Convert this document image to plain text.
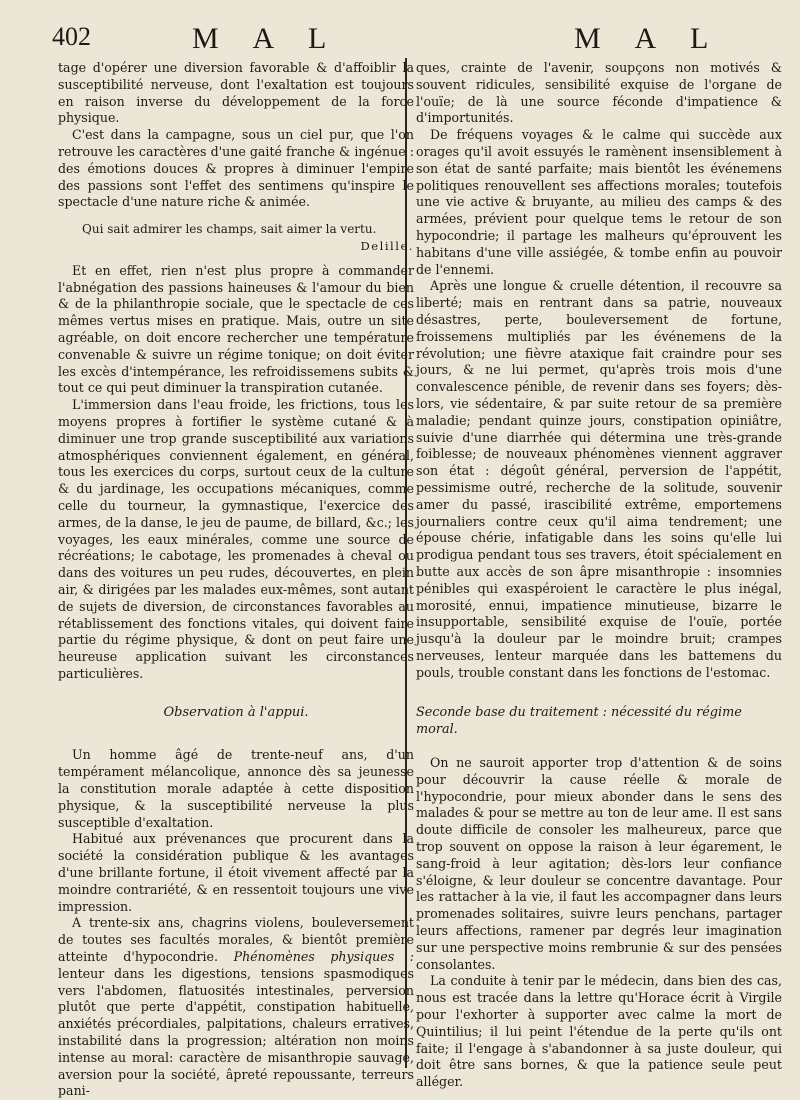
402	M A L	M A L

tage d'opérer une diversion favorable & d'affoiblir la susceptibilité nerveuse, dont l'exaltation est toujours en raison inverse du développement de la force physique.

C'est dans la campagne, sous un ciel pur, que l'on retrouve les caractères d'une gaité franche & ingénue : des émotions douces & propres à diminuer l'empire des passions sont l'effet des sentimens qu'inspire le spectacle d'une nature riche & animée.

Qui sait admirer les champs, sait aimer la vertu.

Delille.

Et en effet, rien n'est plus propre à commander l'abnégation des passions haineuses & l'amour du bien & de la philanthropie sociale, que le spectacle de ces mêmes vertus mises en pratique. Mais, outre un site agréable, on doit encore rechercher une température convenable & suivre un régime tonique; on doit éviter les excès d'intempérance, les refroidissemens subits & tout ce qui peut diminuer la transpiration cutanée.

L'immersion dans l'eau froide, les frictions, tous les moyens propres à fortifier le système cutané & à diminuer une trop grande susceptibilité aux variations atmosphériques conviennent également, en général, tous les exercices du corps, surtout ceux de la culture & du jardinage, les occupations mécaniques, comme celle du tourneur, la gymnastique, l'exercice des armes, de la danse, le jeu de paume, de billard, &c.; les voyages, les eaux minérales, comme une source de récréations; le cabotage, les promenades à cheval ou dans des voitures un peu rudes, découvertes, en plein air, & dirigées par les malades eux-mêmes, sont autant de sujets de diversion, de circonstances favorables au rétablissement des fonctions vitales, qui doivent faire partie du régime physique, & dont on peut faire une heureuse application suivant les circonstances particulières.

Observation à l'appui.

Un homme âgé de trente-neuf ans, d'un tempérament mélancolique, annonce dès sa jeunesse la constitution morale adaptée à cette disposition physique, & la susceptibilité nerveuse la plus susceptible d'exaltation.

Habitué aux prévenances que procurent dans la société la considération publique & les avantages d'une brillante fortune, il étoit vivement affecté par la moindre contrariété, & en ressentoit toujours une vive impression.

A trente-six ans, chagrins violens, bouleversement de toutes ses facultés morales, & bientôt première atteinte d'hypocondrie. Phénomènes physiques : lenteur dans les digestions, tensions spasmodiques vers l'abdomen, flatuosités intestinales, perversion plutôt que perte d'appétit, constipation habituelle, anxiétés précordiales, palpitations, chaleurs erratives, instabilité dans la progression; altération non moins intense au moral: caractère de misanthropie sauvage, aversion pour la société, âpreté repoussante, terreurs pani-

ques, crainte de l'avenir, soupçons non motivés & souvent ridicules, sensibilité exquise de l'organe de l'ouïe; de là une source féconde d'impatience & d'importunités.

De fréquens voyages & le calme qui succède aux orages qu'il avoit essuyés le ramènent insensiblement à son état de santé parfaite; mais bientôt les événemens politiques renouvellent ses affections morales; toutefois une vie active & bruyante, au milieu des camps & des armées, prévient pour quelque tems le retour de son hypocondrie; il partage les malheurs qu'éprouvent les habitans d'une ville assiégée, & tombe enfin au pouvoir de l'ennemi.

Après une longue & cruelle détention, il recouvre sa liberté; mais en rentrant dans sa patrie, nouveaux désastres, perte, bouleversement de fortune, froissemens multipliés par les événemens de la révolution; une fièvre ataxique fait craindre pour ses jours, & ne lui permet, qu'après trois mois d'une convalescence pénible, de revenir dans ses foyers; dès-lors, vie sédentaire, & par suite retour de sa première maladie; pendant quinze jours, constipation opiniâtre, suivie d'une diarrhée qui détermina une très-grande foiblesse; de nouveaux phénomènes viennent aggraver son état : dégoût général, perversion de l'appétit, pessimisme outré, recherche de la solitude, souvenir amer du passé, irascibilité extrême, emportemens journaliers contre ceux qu'il aima tendrement; une épouse chérie, infatigable dans les soins qu'elle lui prodigua pendant tous ses travers, étoit spécialement en butte aux accès de son âpre misanthropie : insomnies pénibles qui exaspéroient le caractère le plus inégal, morosité, ennui, impatience minutieuse, bizarre le insupportable, sensibilité exquise de l'ouïe, portée jusqu'à la douleur par le moindre bruit; crampes nerveuses, lenteur marquée dans les battemens du pouls, trouble constant dans les fonctions de l'estomac.

Seconde base du traitement : nécessité du régime moral.

On ne sauroit apporter trop d'attention & de soins pour découvrir la cause réelle & morale de l'hypocondrie, pour mieux abonder dans le sens des malades & pour se mettre au ton de leur ame. Il est sans doute difficile de consoler les malheureux, parce que trop souvent on oppose la raison à leur égarement, le sang-froid à leur agitation; dès-lors leur confiance s'éloigne, & leur douleur se concentre davantage. Pour les rattacher à la vie, il faut les accompagner dans leurs promenades solitaires, suivre leurs penchans, partager leurs affections, ramener par degrés leur imagination sur une perspective moins rembrunie & sur des pensées consolantes.

La conduite à tenir par le médecin, dans bien des cas, nous est tracée dans la lettre qu'Horace écrit à Virgile pour l'exhorter à supporter avec calme la mort de Quintilius; il lui peint l'étendue de la perte qu'ils ont faite; il l'engage à s'abandonner à sa juste douleur, qui doit être sans bornes, & que la patience seule peut alléger.
